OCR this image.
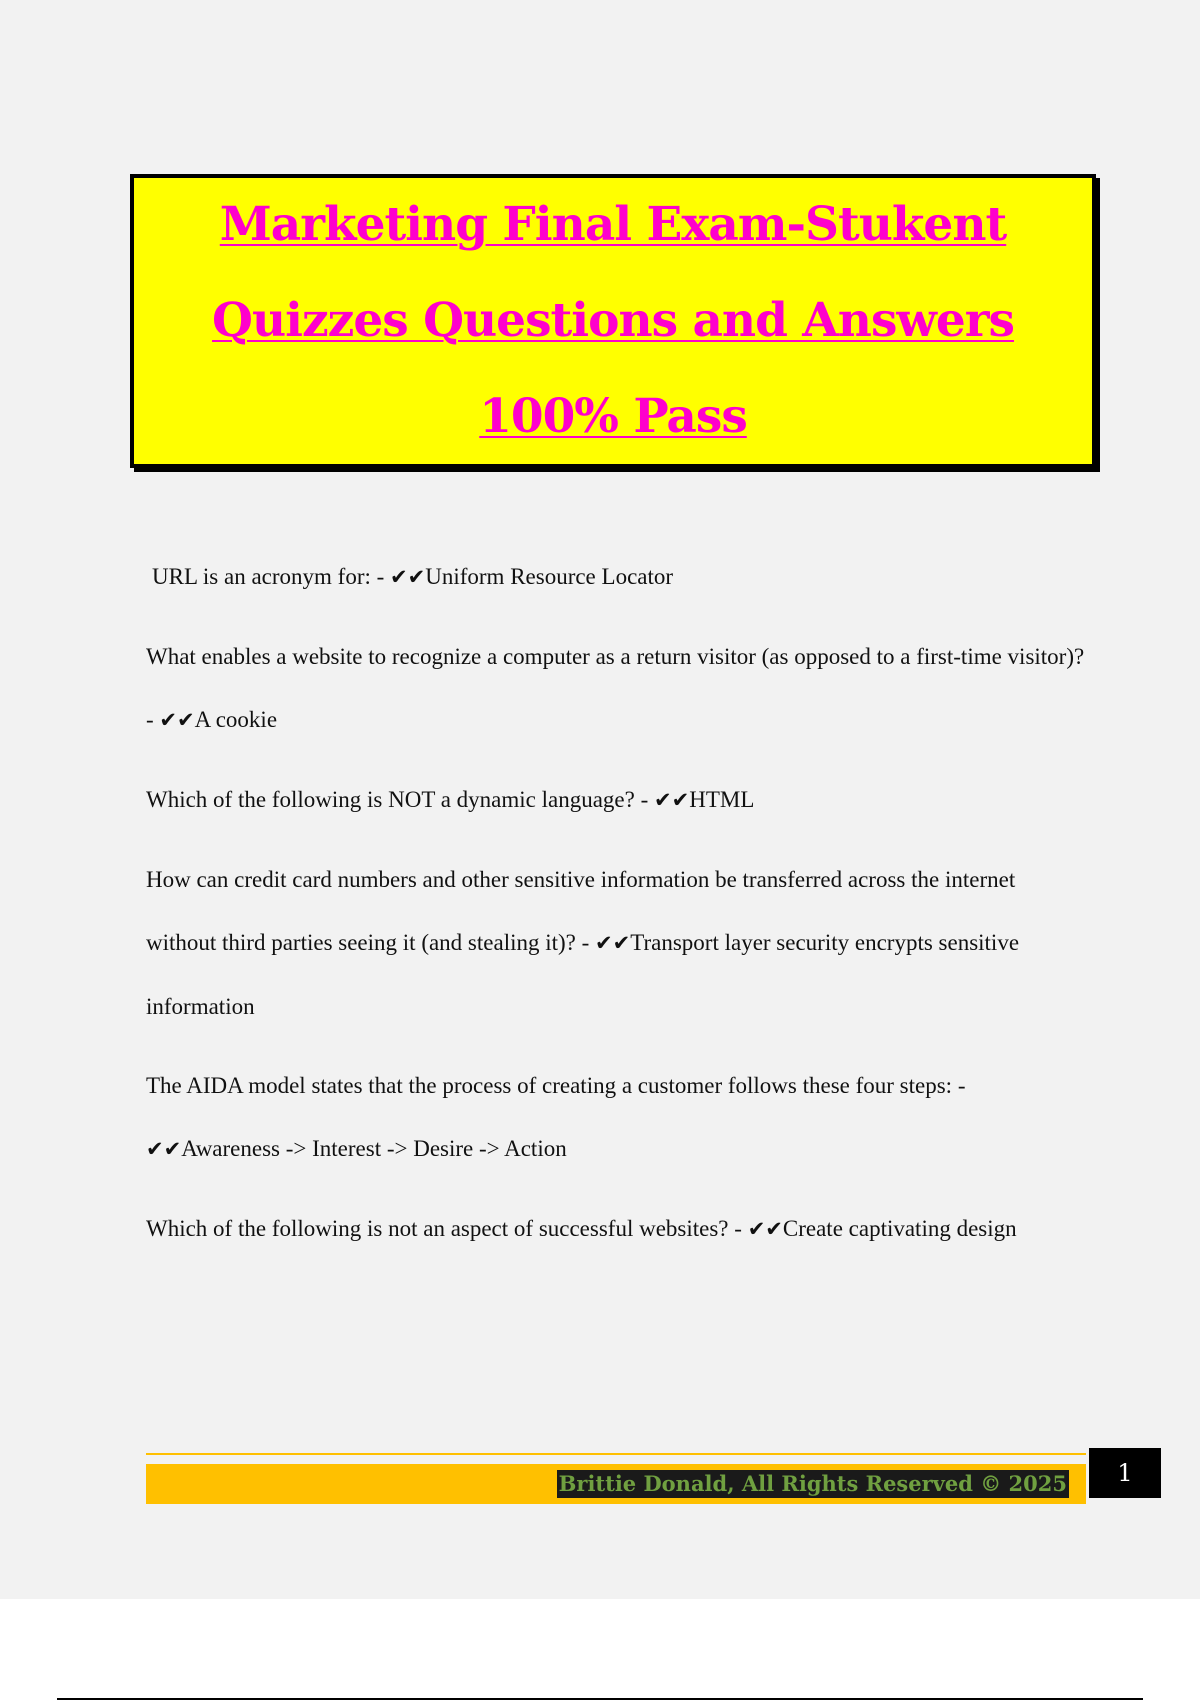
Marketing Final Exam-Stukent Quizzes Questions and Answers 100% Pass

URL is an acronym for: - ✔✔Uniform Resource Locator

What enables a website to recognize a computer as a return visitor (as opposed to a first-time visitor)? - ✔✔A cookie

Which of the following is NOT a dynamic language? - ✔✔HTML

How can credit card numbers and other sensitive information be transferred across the internet without third parties seeing it (and stealing it)? - ✔✔Transport layer security encrypts sensitive information

The AIDA model states that the process of creating a customer follows these four steps: - ✔✔Awareness -> Interest -> Desire -> Action

Which of the following is not an aspect of successful websites? - ✔✔Create captivating design

Brittie Donald, All Rights Reserved © 2025	1
